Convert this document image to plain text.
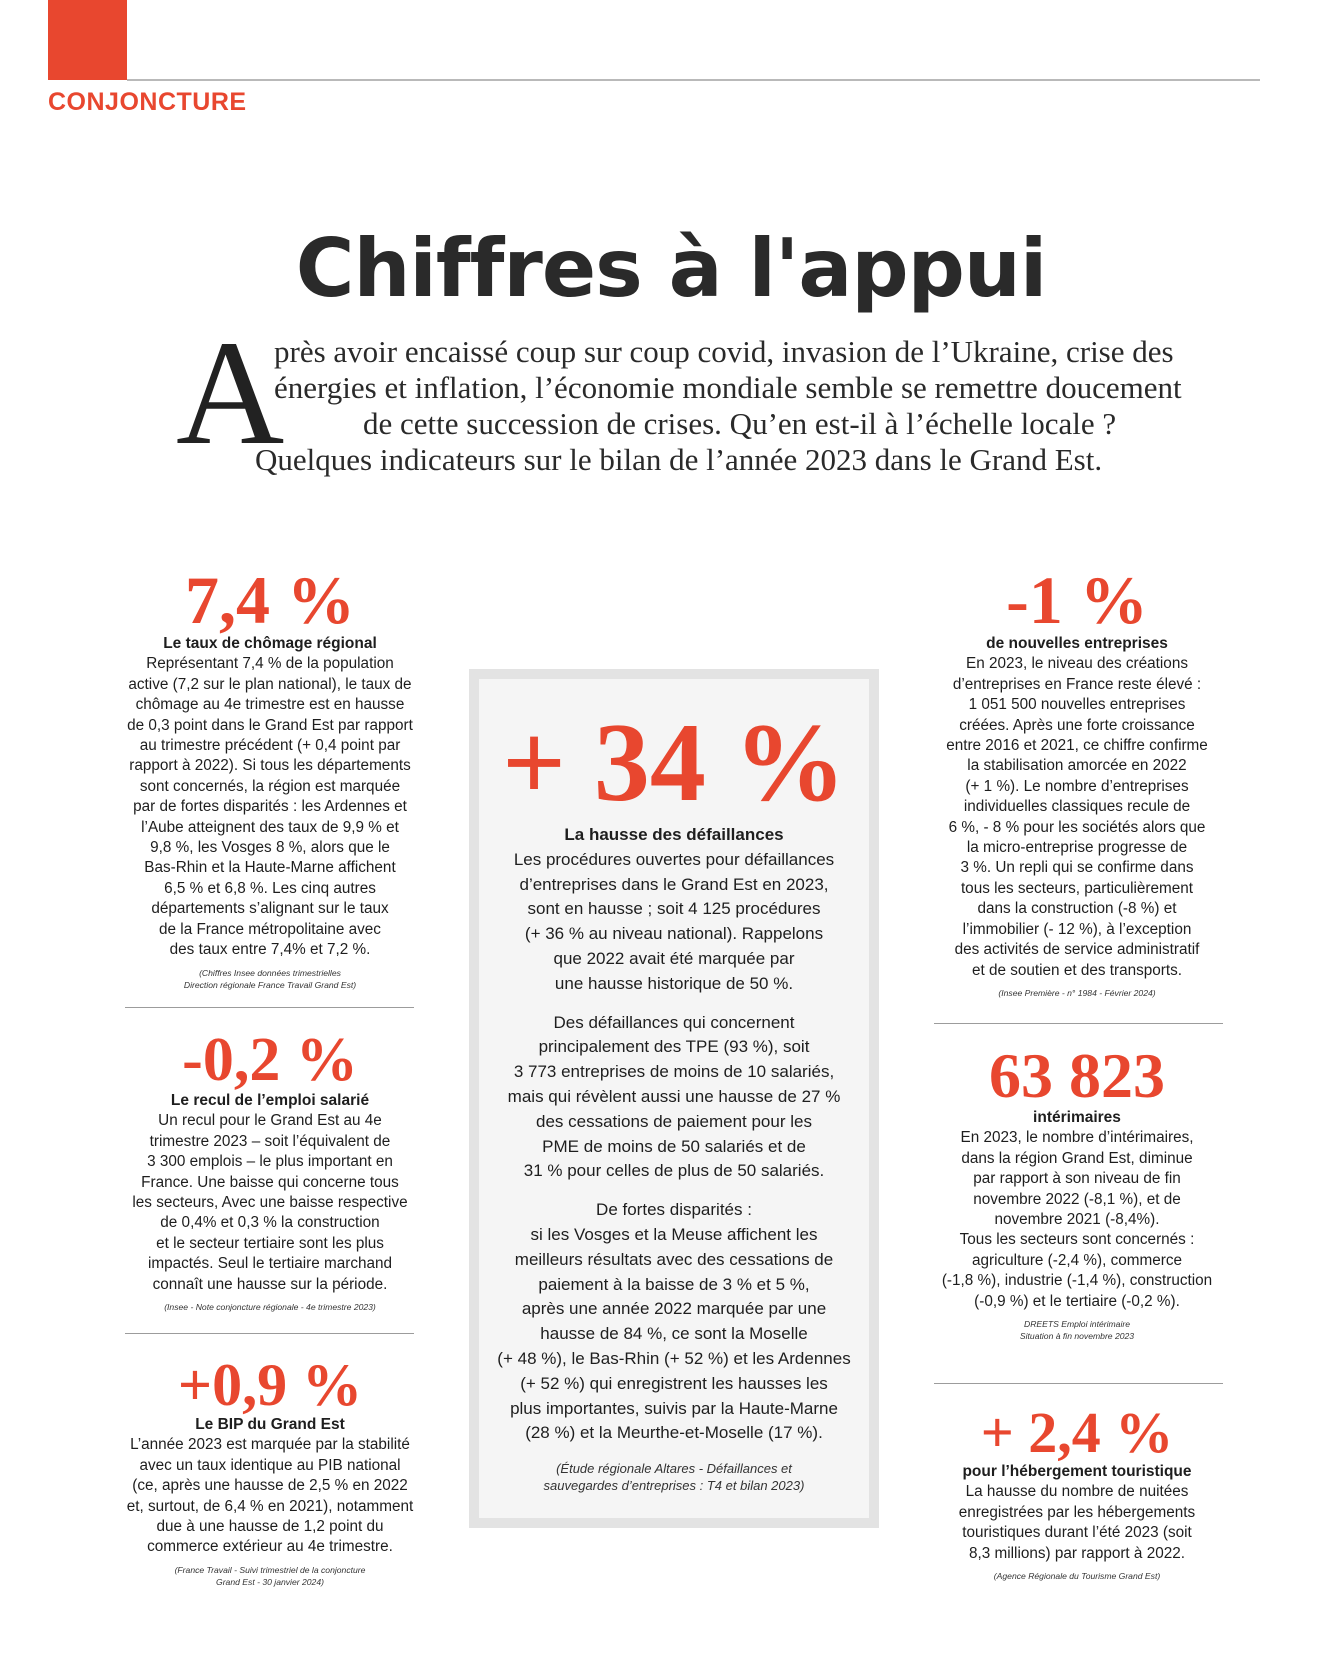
CONJONCTURE
Chiffres à l'appui
A
près avoir encaissé coup sur coup covid, invasion de l’Ukraine, crise des
énergies et inflation, l’économie mondiale semble se remettre doucement
de cette succession de crises. Qu’en est-il à l’échelle locale ?
Quelques indicateurs sur le bilan de l’année 2023 dans le Grand Est.
7,4 %
Le taux de chômage régional
Représentant 7,4 % de la population
active (7,2 sur le plan national), le taux de
chômage au 4e trimestre est en hausse
de 0,3 point dans le Grand Est par rapport
au trimestre précédent (+ 0,4 point par
rapport à 2022). Si tous les départements
sont concernés, la région est marquée
par de fortes disparités : les Ardennes et
l’Aube atteignent des taux de 9,9 % et
9,8 %, les Vosges 8 %, alors que le
Bas-Rhin et la Haute-Marne affichent
6,5 % et 6,8 %. Les cinq autres
départements s’alignant sur le taux
de la France métropolitaine avec
des taux entre 7,4% et 7,2 %.
(Chiffres Insee données trimestrielles
Direction régionale France Travail Grand Est)
-0,2 %
Le recul de l’emploi salarié
Un recul pour le Grand Est au 4e
trimestre 2023 – soit l’équivalent de
3 300 emplois – le plus important en
France. Une baisse qui concerne tous
les secteurs, Avec une baisse respective
de 0,4% et 0,3 % la construction
et le secteur tertiaire sont les plus
impactés. Seul le tertiaire marchand
connaît une hausse sur la période.
(Insee - Note conjoncture régionale - 4e trimestre 2023)
+0,9 %
Le BIP du Grand Est
L’année 2023 est marquée par la stabilité
avec un taux identique au PIB national
(ce, après une hausse de 2,5 % en 2022
et, surtout, de 6,4 % en 2021), notamment
due à une hausse de 1,2 point du
commerce extérieur au 4e trimestre.
(France Travail - Suivi trimestriel de la conjoncture
Grand Est - 30 janvier 2024)
+ 34 %
La hausse des défaillances
Les procédures ouvertes pour défaillances
d’entreprises dans le Grand Est en 2023,
sont en hausse ; soit 4 125 procédures
(+ 36 % au niveau national). Rappelons
que 2022 avait été marquée par
une hausse historique de 50 %.
Des défaillances qui concernent
principalement des TPE (93 %), soit
3 773 entreprises de moins de 10 salariés,
mais qui révèlent aussi une hausse de 27 %
des cessations de paiement pour les
PME de moins de 50 salariés et de
31 % pour celles de plus de 50 salariés.
De fortes disparités :
si les Vosges et la Meuse affichent les
meilleurs résultats avec des cessations de
paiement à la baisse de 3 % et 5 %,
après une année 2022 marquée par une
hausse de 84 %, ce sont la Moselle
(+ 48 %), le Bas-Rhin (+ 52 %) et les Ardennes
(+ 52 %) qui enregistrent les hausses les
plus importantes, suivis par la Haute-Marne
(28 %) et la Meurthe-et-Moselle (17 %).
(Étude régionale Altares - Défaillances et
sauvegardes d’entreprises : T4 et bilan 2023)
-1 %
de nouvelles entreprises
En 2023, le niveau des créations
d’entreprises en France reste élevé :
1 051 500 nouvelles entreprises
créées. Après une forte croissance
entre 2016 et 2021, ce chiffre confirme
la stabilisation amorcée en 2022
(+ 1 %). Le nombre d’entreprises
individuelles classiques recule de
6 %, - 8 % pour les sociétés alors que
la micro-entreprise progresse de
3 %. Un repli qui se confirme dans
tous les secteurs, particulièrement
dans la construction (-8 %) et
l’immobilier (- 12 %), à l’exception
des activités de service administratif
et de soutien et des transports.
(Insee Première - n° 1984 - Février 2024)
63 823
intérimaires
En 2023, le nombre d’intérimaires,
dans la région Grand Est, diminue
par rapport à son niveau de fin
novembre 2022 (-8,1 %), et de
novembre 2021 (-8,4%).
Tous les secteurs sont concernés :
agriculture (-2,4 %), commerce
(-1,8 %), industrie (-1,4 %), construction
(-0,9 %) et le tertiaire (-0,2 %).
DREETS Emploi intérimaire
Situation à fin novembre 2023
+ 2,4 %
pour l’hébergement touristique
La hausse du nombre de nuitées
enregistrées par les hébergements
touristiques durant l’été 2023 (soit
8,3 millions) par rapport à 2022.
(Agence Régionale du Tourisme Grand Est)
